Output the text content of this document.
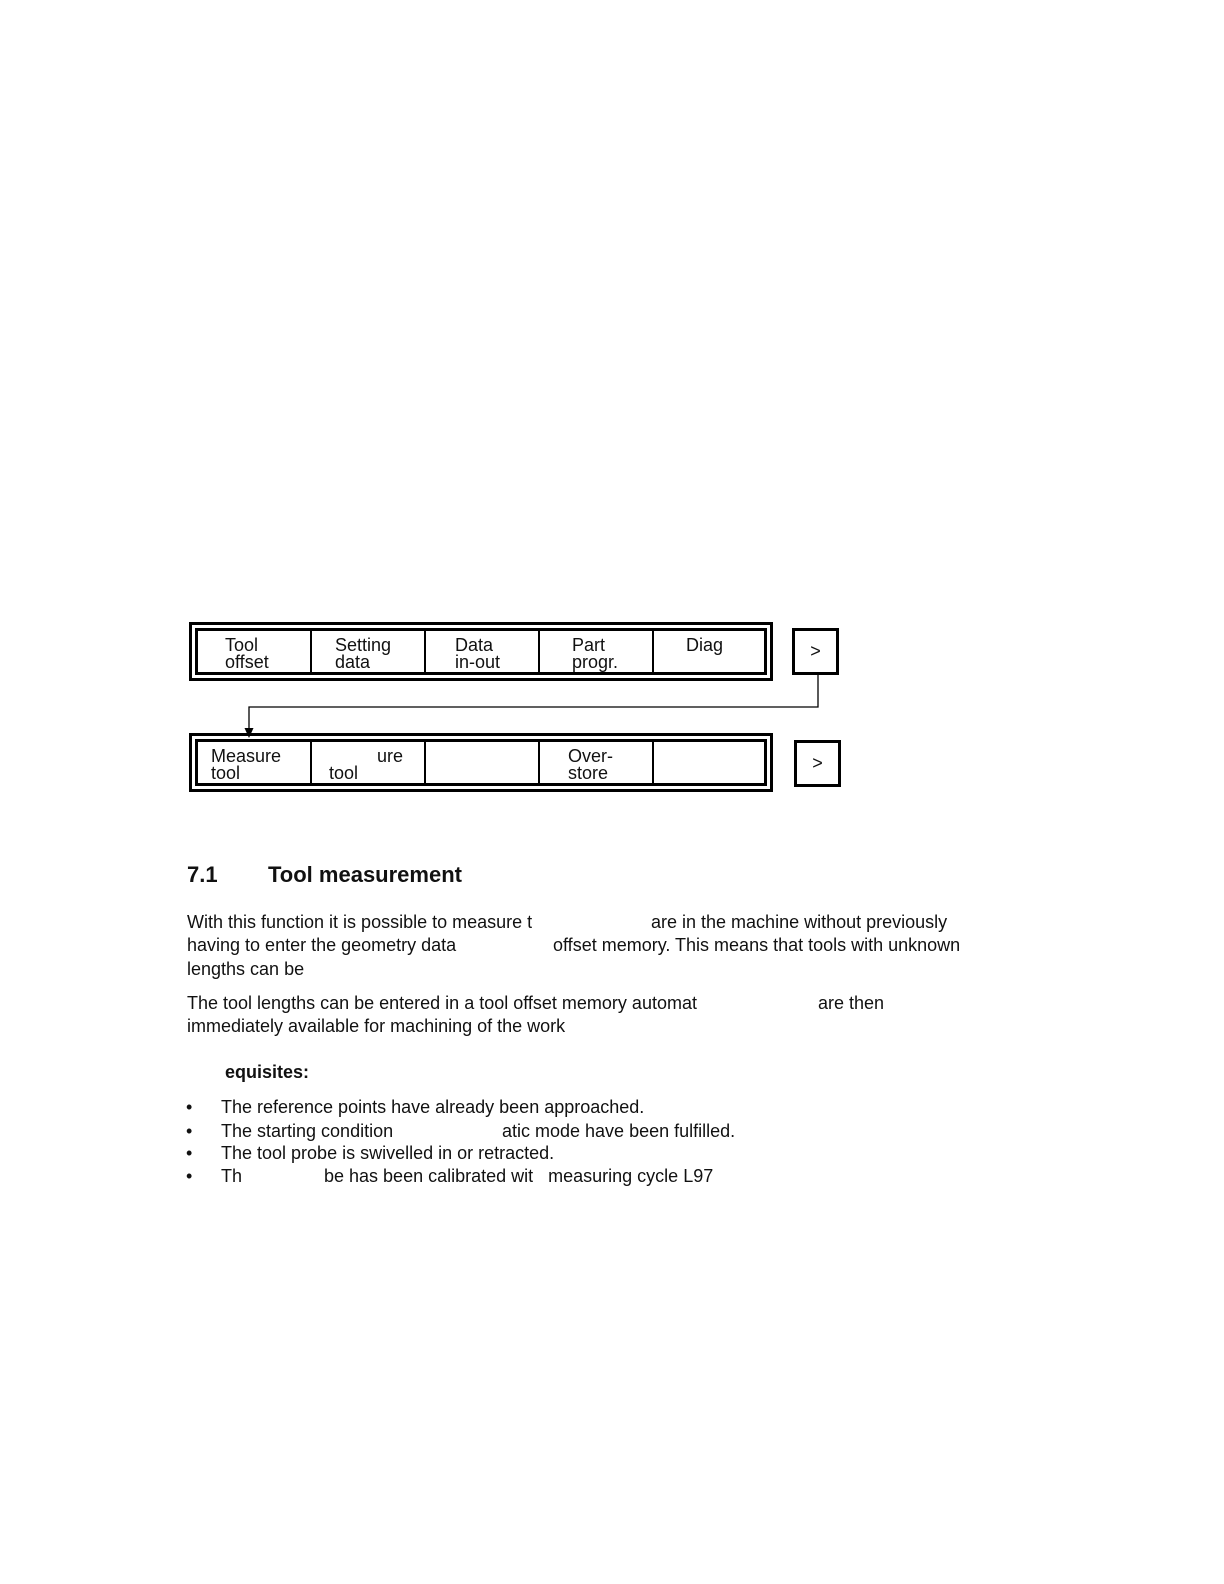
Tool
offset
Setting
data
Data
in-out
Part
progr.
Diag	>
Measure
tool
ure
tool
Over-
store	>
7.1 Tool measurement
With this function it is possible to measure t	are in the machine without previously
having to enter the geometry data	offset memory. This means that tools with unknown
lengths can be
The tool lengths can be entered in a tool offset memory automat	are then
immediately available for machining of the work
equisites:
• The reference points have already been approached.
• The starting condition	atic mode have been fulfilled.
• The tool probe is swivelled in or retracted.
• Th	be has been calibrated wit   measuring cycle L97
